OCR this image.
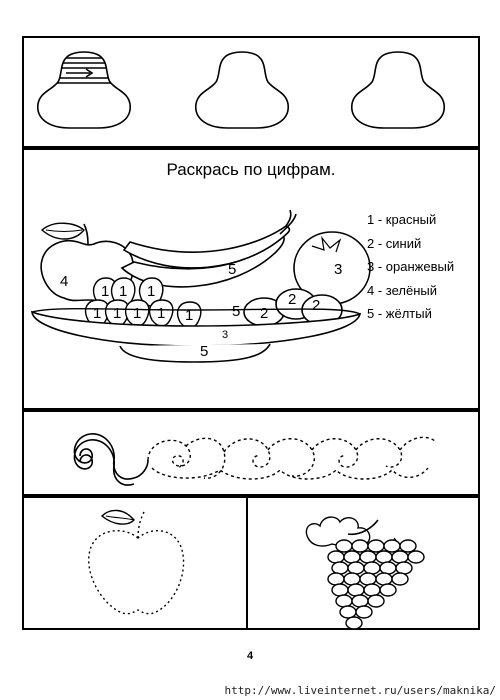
Раскрась по цифрам.
4
5
5
3
2
2 2
1 1 1
1 1 1 1 1
3
5
1 - красный
2 - синий
3 - оранжевый
4 - зелёный
5 - жёлтый
4
http://www.liveinternet.ru/users/maknika/
